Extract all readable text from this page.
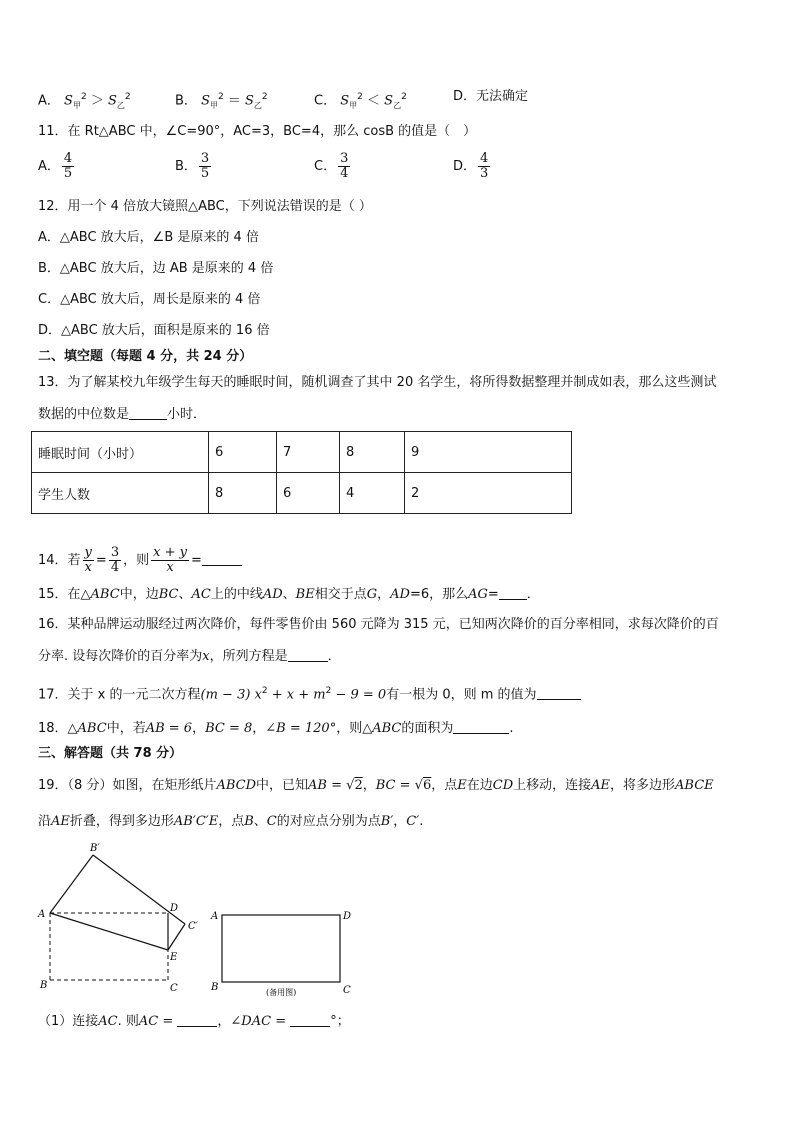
A． $S_甲^2 > S_乙^2$	B． $S_甲^2 = S_乙^2$	C． $S_甲^2 < S_乙^2$	D．无法确定
11．在 Rt△ABC 中，∠C=90°，AC=3，BC=4，那么 cosB 的值是（　）
A． $\frac{4}{5}$	B． $\frac{3}{5}$	C． $\frac{3}{4}$	D． $\frac{4}{3}$
12．用一个 4 倍放大镜照△ABC，下列说法错误的是（ ）
A．△ABC 放大后，∠B 是原来的 4 倍
B．△ABC 放大后，边 AB 是原来的 4 倍
C．△ABC 放大后，周长是原来的 4 倍
D．△ABC 放大后，面积是原来的 16 倍
二、填空题（每题 4 分，共 24 分）
13．为了解某校九年级学生每天的睡眠时间，随机调查了其中 20 名学生，将所得数据整理并制成如表，那么这些测试
数据的中位数是	小时．
睡眠时间（小时）	6	7	8	9
学生人数	8	6	4	2
14．若 $\frac{y}{x} = \frac{3}{4}$ ，则 $\frac{x + y}{x}$ =
15．在△ABC中，边BC、AC上的中线AD、BE相交于点G，AD=6，那么AG= ．
16．某种品牌运动服经过两次降价，每件零售价由 560 元降为 315 元，已知两次降价的百分率相同，求每次降价的百
分率. 设每次降价的百分率为x，所列方程是	．
17．关于 x 的一元二次方程(m − 3) $x^2 + x + m^2 - 9 = 0$有一根为 0，则 m 的值为
18．△ABC中，若AB = 6，BC = 8，∠B = 120°，则△ABC的面积为	.
三、解答题（共 78 分）
19．（8 分）如图，在矩形纸片ABCD中，已知AB = √2，BC = √6，点E在边CD上移动，连接AE，将多边形ABCE
沿AE折叠，得到多边形AB′C′E，点B、C的对应点分别为点B′，C′.
B′
A
D
C′
E
B	C
A	D
B	C
(备用图)
（1）连接AC. 则AC =	，∠DAC =	°；
